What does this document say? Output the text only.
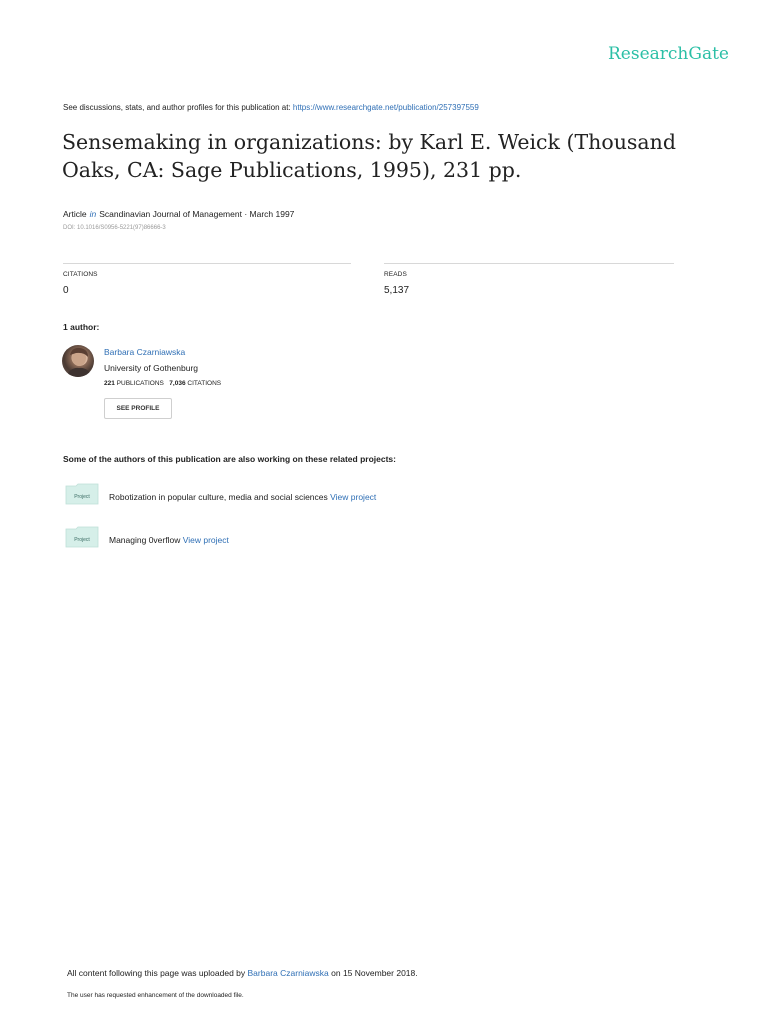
ResearchGate
See discussions, stats, and author profiles for this publication at: https://www.researchgate.net/publication/257397559
Sensemaking in organizations: by Karl E. Weick (Thousand Oaks, CA: Sage Publications, 1995), 231 pp.
Article in Scandinavian Journal of Management · March 1997
DOI: 10.1016/S0956-5221(97)86666-3
CITATIONS
0
READS
5,137
1 author:
Barbara Czarniawska
University of Gothenburg
221 PUBLICATIONS 7,036 CITATIONS
SEE PROFILE
Some of the authors of this publication are also working on these related projects:
Project Robotization in popular culture, media and social sciences View project
Project Managing 0verflow View project
All content following this page was uploaded by Barbara Czarniawska on 15 November 2018.
The user has requested enhancement of the downloaded file.
